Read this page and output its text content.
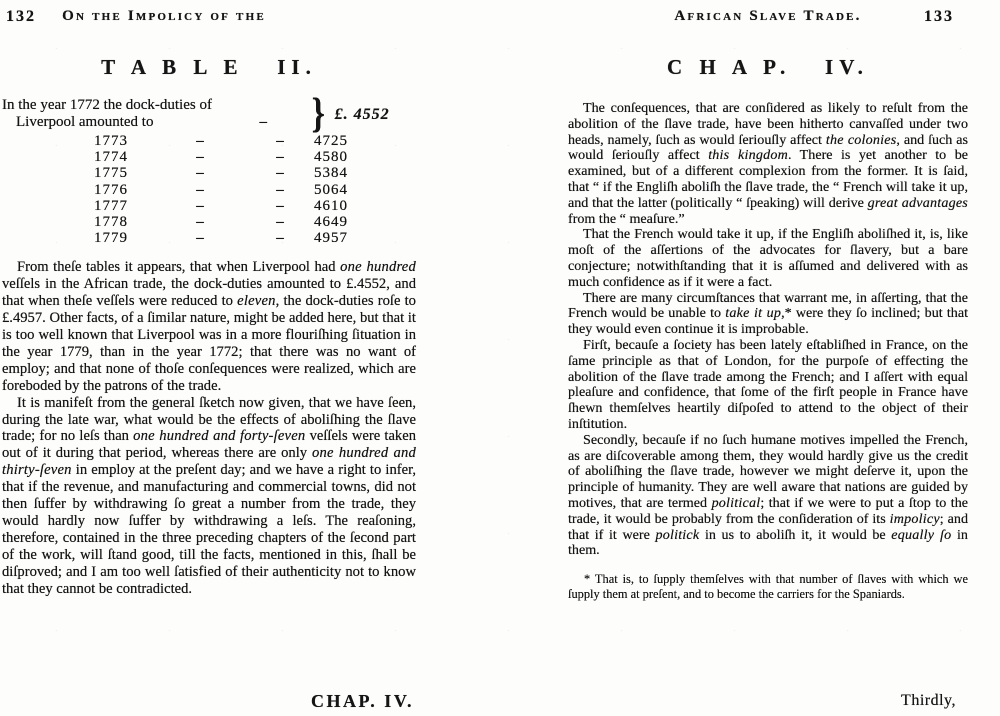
132	On the Impolicy of the
T A B L E   II.
In the year 1772 the dock-duties of
Liverpool amounted to	– } £. 4552
1773	–	–	4725
1774	–	–	4580
1775	–	–	5384
1776	–	–	5064
1777	–	–	4610
1778	–	–	4649
1779	–	–	4957

From theſe tables it appears, that when Liverpool had one hundred veſſels in the African trade, the dock-duties amounted to £.4552, and that when theſe veſſels were reduced to eleven, the dock-duties roſe to £.4957. Other facts, of a ſimilar nature, might be added here, but that it is too well known that Liverpool was in a more flouriſhing ſituation in the year 1779, than in the year 1772; that there was no want of employ; and that none of thoſe conſequences were realized, which are foreboded by the patrons of the trade.

It is manifeſt from the general ſketch now given, that we have ſeen, during the late war, what would be the effects of aboliſhing the ſlave trade; for no leſs than one hundred and forty-ſeven veſſels were taken out of it during that period, whereas there are only one hundred and thirty-ſeven in employ at the preſent day; and we have a right to infer, that if the revenue, and manufacturing and commercial towns, did not then ſuffer by withdrawing ſo great a number from the trade, they would hardly now ſuffer by withdrawing a leſs. The reaſoning, therefore, contained in the three preceding chapters of the ſecond part of the work, will ſtand good, till the facts, mentioned in this, ſhall be diſproved; and I am too well ſatisfied of their authenticity not to know that they cannot be contradicted.

CHAP. IV.
African Slave Trade.	133
C H A P.   IV.

The conſequences, that are conſidered as likely to reſult from the abolition of the ſlave trade, have been hitherto canvaſſed under two heads, namely, ſuch as would ſeriouſly affect the colonies, and ſuch as would ſeriouſly affect this kingdom. There is yet another to be examined, but of a different complexion from the former. It is ſaid, that “ if the Engliſh aboliſh the ſlave trade, the “ French will take it up, and that the latter (politically “ ſpeaking) will derive great advantages from the “ meaſure.”

That the French would take it up, if the Engliſh aboliſhed it, is, like moſt of the aſſertions of the advocates for ſlavery, but a bare conjecture; notwithſtanding that it is aſſumed and delivered with as much confidence as if it were a fact.

There are many circumſtances that warrant me, in aſſerting, that the French would be unable to take it up,* were they ſo inclined; but that they would even continue it is improbable.

Firſt, becauſe a ſociety has been lately eſtabliſhed in France, on the ſame principle as that of London, for the purpoſe of effecting the abolition of the ſlave trade among the French; and I aſſert with equal pleaſure and confidence, that ſome of the firſt people in France have ſhewn themſelves heartily diſpoſed to attend to the object of their inſtitution.

Secondly, becauſe if no ſuch humane motives impelled the French, as are diſcoverable among them, they would hardly give us the credit of aboliſhing the ſlave trade, however we might deſerve it, upon the principle of humanity. They are well aware that nations are guided by motives, that are termed political; that if we were to put a ſtop to the trade, it would be probably from the conſideration of its impolicy; and that if it were politick in us to aboliſh it, it would be equally ſo in them.

* That is, to ſupply themſelves with that number of ſlaves with which we ſupply them at preſent, and to become the carriers for the Spaniards.
Thirdly,
